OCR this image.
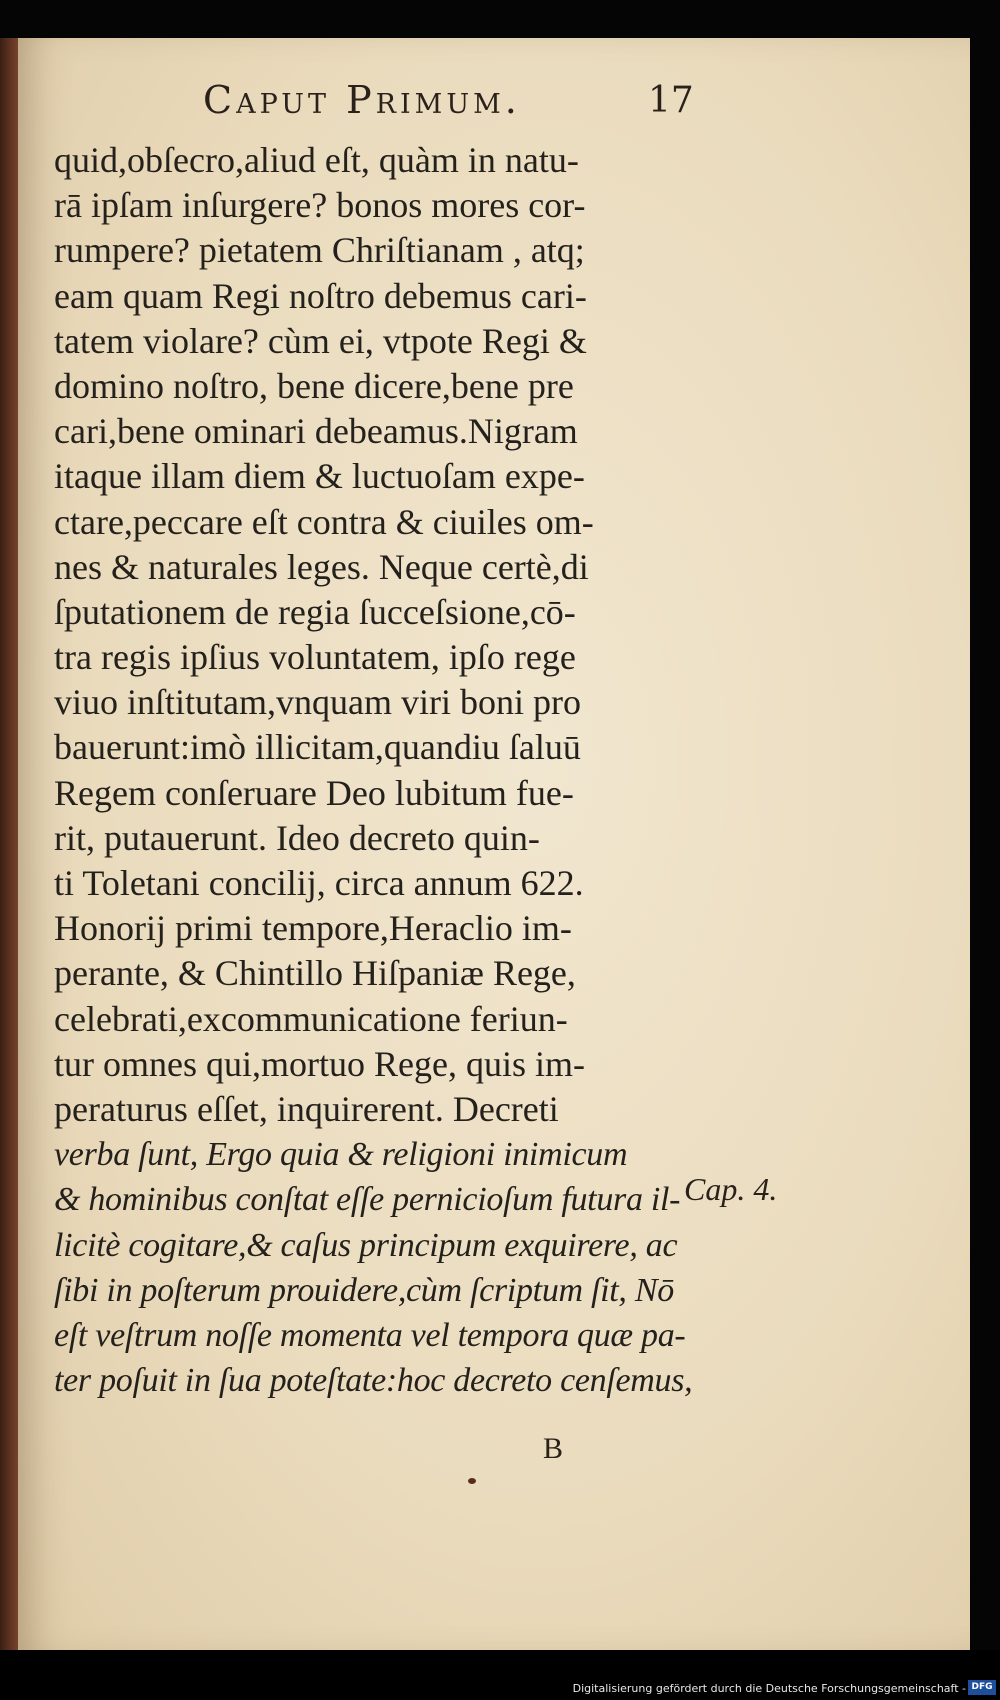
Caput Primum.	17
quid,obſecro,aliud eſt, quàm in natu-
rā ipſam inſurgere? bonos mores cor-
rumpere? pietatem Chriſtianam , atq;
eam quam Regi noſtro debemus cari-
tatem violare? cùm ei, vtpote Regi &
domino noſtro, bene dicere,bene pre
cari,bene ominari debeamus.Nigram
itaque illam diem & luctuoſam expe-
ctare,peccare eſt contra & ciuiles om-
nes & naturales leges. Neque certè,di
ſputationem de regia ſucceſsione,cō-
tra regis ipſius voluntatem, ipſo rege
viuo inſtitutam,vnquam viri boni pro
bauerunt:imò illicitam,quandiu ſaluū
Regem conſeruare Deo lubitum fue-
rit, putauerunt. Ideo decreto quin-
ti Toletani concilij, circa annum 622.
Honorij primi tempore,Heraclio im-
perante, & Chintillo Hiſpaniæ Rege,
celebrati,excommunicatione feriun-
tur omnes qui,mortuo Rege, quis im-
peraturus eſſet, inquirerent. Decreti
verba ſunt, Ergo quia & religioni inimicum
& hominibus conſtat eſſe pernicioſum futura il-
licitè cogitare,& caſus principum exquirere, ac
ſibi in poſterum prouidere,cùm ſcriptum ſit, Nō
eſt veſtrum noſſe momenta vel tempora quæ pa-
ter poſuit in ſua poteſtate:hoc decreto cenſemus,
Cap. 4.
B
Digitalisierung gefördert durch die Deutsche Forschungsgemeinschaft - DFG
